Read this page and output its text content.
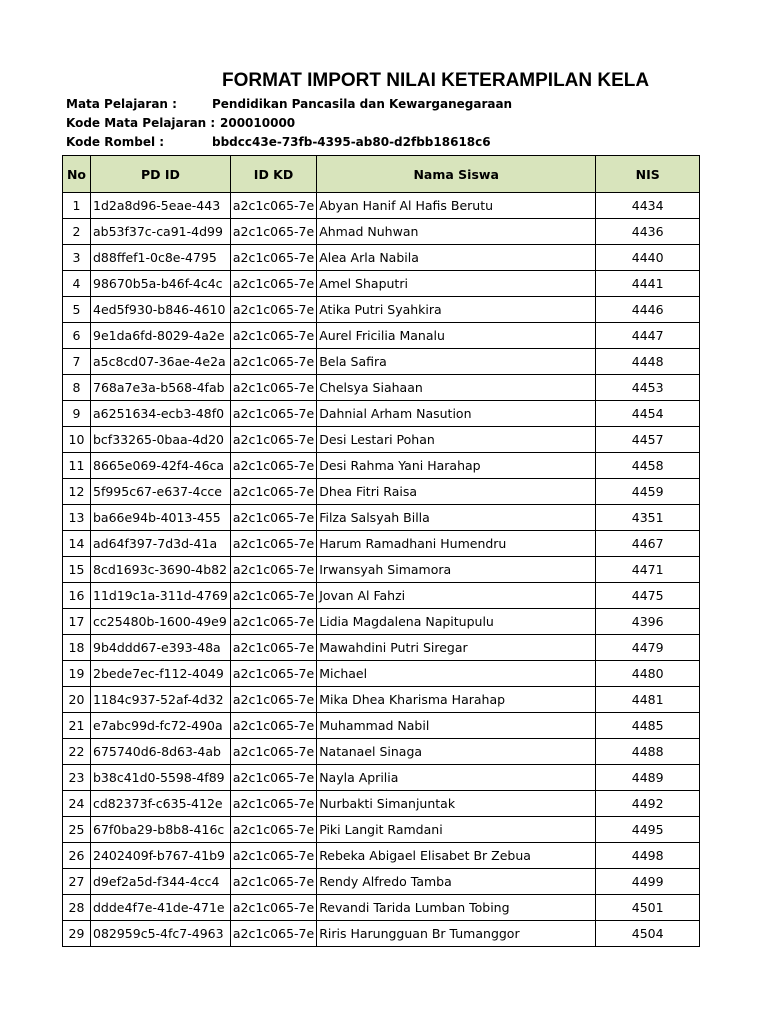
FORMAT IMPORT NILAI KETERAMPILAN KELA
Mata Pelajaran :	Pendidikan Pancasila dan Kewarganegaraan
Kode Mata Pelajaran : 200010000
Kode Rombel :	bbdcc43e-73fb-4395-ab80-d2fbb18618c6
No	PD ID	ID KD	Nama Siswa	NIS
1	1d2a8d96-5eae-443	a2c1c065-7e	Abyan Hanif Al Hafis Berutu	4434
2	ab53f37c-ca91-4d99	a2c1c065-7e	Ahmad Nuhwan	4436
3	d88ffef1-0c8e-4795	a2c1c065-7e	Alea Arla Nabila	4440
4	98670b5a-b46f-4c4c	a2c1c065-7e	Amel Shaputri	4441
5	4ed5f930-b846-4610	a2c1c065-7e	Atika Putri Syahkira	4446
6	9e1da6fd-8029-4a2e	a2c1c065-7e	Aurel Fricilia Manalu	4447
7	a5c8cd07-36ae-4e2a	a2c1c065-7e	Bela Safira	4448
8	768a7e3a-b568-4fab	a2c1c065-7e	Chelsya Siahaan	4453
9	a6251634-ecb3-48f0	a2c1c065-7e	Dahnial Arham Nasution	4454
10	bcf33265-0baa-4d20	a2c1c065-7e	Desi Lestari Pohan	4457
11	8665e069-42f4-46ca	a2c1c065-7e	Desi Rahma Yani Harahap	4458
12	5f995c67-e637-4cce	a2c1c065-7e	Dhea Fitri Raisa	4459
13	ba66e94b-4013-455	a2c1c065-7e	Filza Salsyah Billa	4351
14	ad64f397-7d3d-41a	a2c1c065-7e	Harum Ramadhani Humendru	4467
15	8cd1693c-3690-4b82	a2c1c065-7e	Irwansyah Simamora	4471
16	11d19c1a-311d-4769	a2c1c065-7e	Jovan Al Fahzi	4475
17	cc25480b-1600-49e9	a2c1c065-7e	Lidia Magdalena Napitupulu	4396
18	9b4ddd67-e393-48a	a2c1c065-7e	Mawahdini Putri Siregar	4479
19	2bede7ec-f112-4049	a2c1c065-7e	Michael	4480
20	1184c937-52af-4d32	a2c1c065-7e	Mika Dhea Kharisma Harahap	4481
21	e7abc99d-fc72-490a	a2c1c065-7e	Muhammad Nabil	4485
22	675740d6-8d63-4ab	a2c1c065-7e	Natanael Sinaga	4488
23	b38c41d0-5598-4f89	a2c1c065-7e	Nayla Aprilia	4489
24	cd82373f-c635-412e	a2c1c065-7e	Nurbakti Simanjuntak	4492
25	67f0ba29-b8b8-416c	a2c1c065-7e	Piki Langit Ramdani	4495
26	2402409f-b767-41b9	a2c1c065-7e	Rebeka Abigael Elisabet Br Zebua	4498
27	d9ef2a5d-f344-4cc4	a2c1c065-7e	Rendy Alfredo Tamba	4499
28	ddde4f7e-41de-471e	a2c1c065-7e	Revandi Tarida Lumban Tobing	4501
29	082959c5-4fc7-4963	a2c1c065-7e	Riris Harungguan Br Tumanggor	4504
